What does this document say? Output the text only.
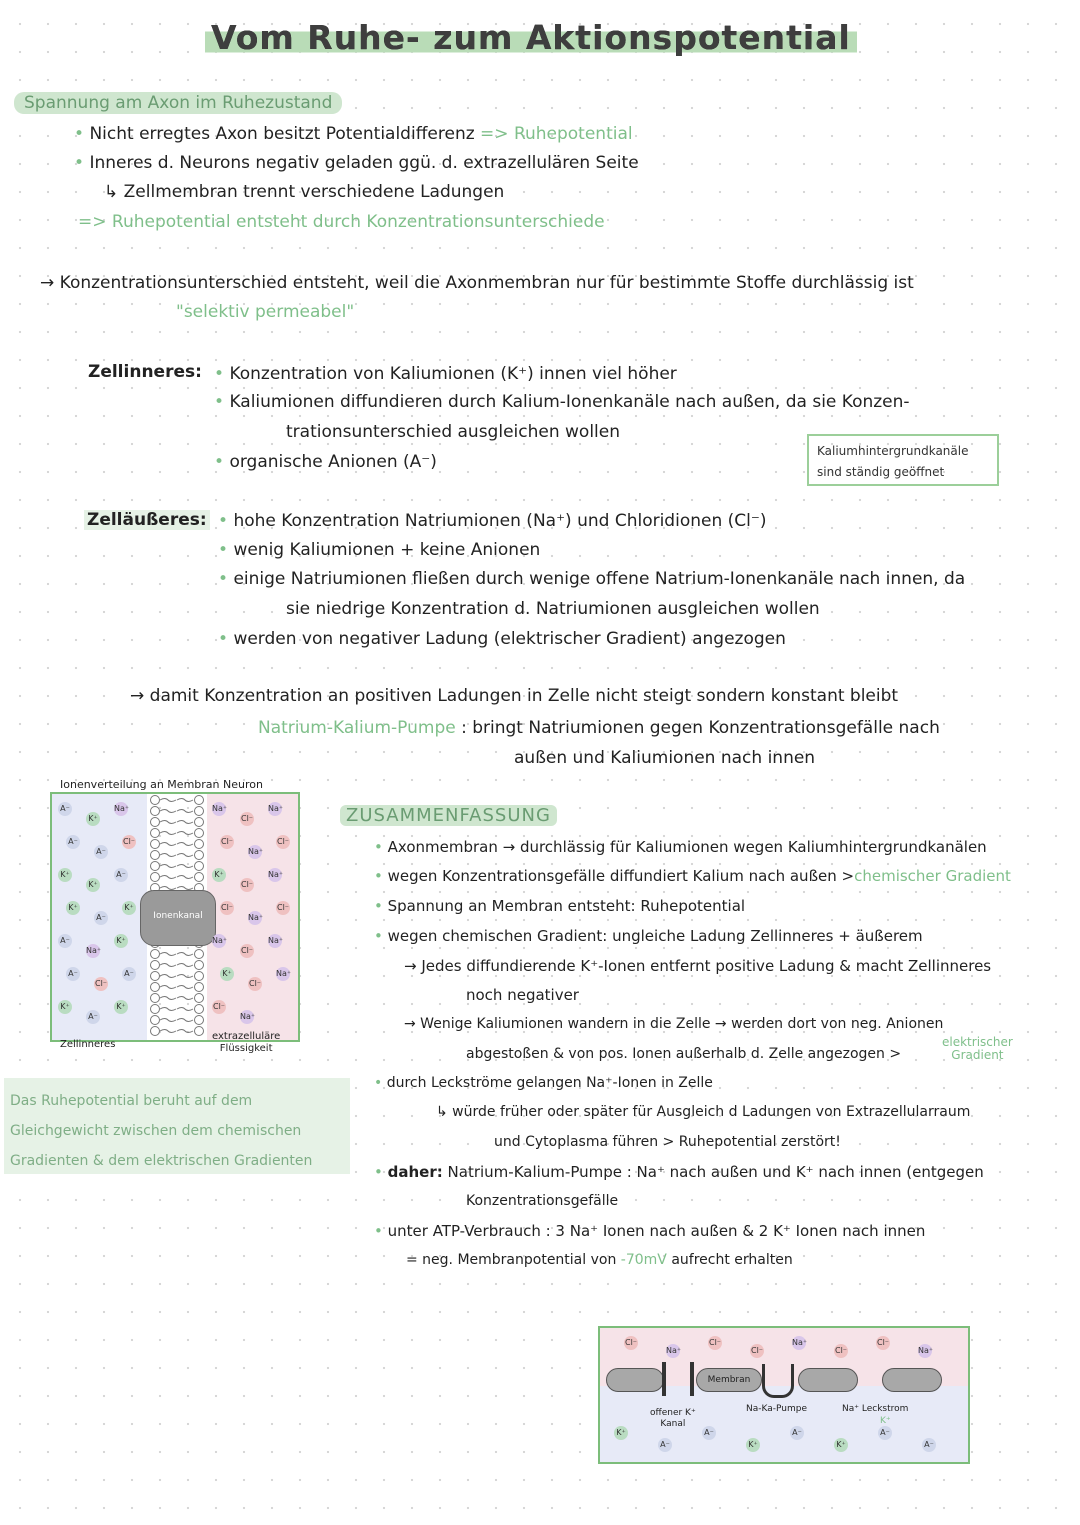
Vom Ruhe- zum Aktionspotential
Spannung am Axon im Ruhezustand
• Nicht erregtes Axon besitzt Potentialdifferenz => Ruhepotential
• Inneres d. Neurons negativ geladen ggü. d. extrazellulären Seite
↳ Zellmembran trennt verschiedene Ladungen
=> Ruhepotential entsteht durch Konzentrationsunterschiede
→ Konzentrationsunterschied entsteht, weil die Axonmembran nur für bestimmte Stoffe durchlässig ist
"selektiv permeabel"
Zellinneres: • Konzentration von Kaliumionen (K⁺) innen viel höher
• Kaliumionen diffundieren durch Kalium-Ionenkanäle nach außen, da sie Konzen-
trationsunterschied ausgleichen wollen
• organische Anionen (A⁻)
Kaliumhintergrundkanäle
sind ständig geöffnet
Zelläußeres: • hohe Konzentration Natriumionen (Na⁺) und Chloridionen (Cl⁻)
• wenig Kaliumionen + keine Anionen
• einige Natriumionen fließen durch wenige offene Natrium-Ionenkanäle nach innen, da
sie niedrige Konzentration d. Natriumionen ausgleichen wollen
• werden von negativer Ladung (elektrischer Gradient) angezogen
→ damit Konzentration an positiven Ladungen in Zelle nicht steigt sondern konstant bleibt
Natrium-Kalium-Pumpe : bringt Natriumionen gegen Konzentrationsgefälle nach
außen und Kaliumionen nach innen
Ionenverteilung an Membran Neuron
Ionenkanal
A⁻
K⁺
Na⁺
A⁻
A⁻
Cl⁻
K⁺
K⁺
A⁻
K⁺
A⁻
K⁺
A⁻
Na⁺
K⁺
A⁻
Cl⁻
A⁻
K⁺
A⁻
K⁺
Na⁺
Cl⁻
Na⁺
Cl⁻
Na⁺
Cl⁻
K⁺
Cl⁻
Na⁺
Cl⁻
Na⁺
Cl⁻
Na⁺
Cl⁻
Na⁺
K⁺
Cl⁻
Na⁺
Cl⁻
Na⁺
Zellinneres
extrazelluläre
Flüssigkeit
Das Ruhepotential beruht auf dem
Gleichgewicht zwischen dem chemischen
Gradienten & dem elektrischen Gradienten
ZUSAMMENFASSUNG
• Axonmembran → durchlässig für Kaliumionen wegen Kaliumhintergrundkanälen
• wegen Konzentrationsgefälle diffundiert Kalium nach außen >chemischer Gradient
• Spannung an Membran entsteht: Ruhepotential
• wegen chemischen Gradient: ungleiche Ladung Zellinneres + äußerem
→ Jedes diffundierende K⁺-Ionen entfernt positive Ladung & macht Zellinneres
noch negativer
→ Wenige Kaliumionen wandern in die Zelle → werden dort von neg. Anionen
abgestoßen & von pos. Ionen außerhalb d. Zelle angezogen >
elektrischer
Gradient
• durch Leckströme gelangen Na⁺-Ionen in Zelle
↳ würde früher oder später für Ausgleich d Ladungen von Extrazellularraum
und Cytoplasma führen > Ruhepotential zerstört!
• daher: Natrium-Kalium-Pumpe : Na⁺ nach außen und K⁺ nach innen (entgegen
Konzentrationsgefälle
• unter ATP-Verbrauch : 3 Na⁺ Ionen nach außen & 2 K⁺ Ionen nach innen
= neg. Membranpotential von -70mV aufrecht erhalten
Membran
offener K⁺
Kanal
Na-Ka-Pumpe	Na⁺ Leckstrom
K⁺
Cl⁻
Na⁺
Cl⁻
Cl⁻
Na⁺
Cl⁻
Cl⁻
Na⁺
K⁺
A⁻
A⁻
K⁺
A⁻
K⁺
A⁻
A⁻
